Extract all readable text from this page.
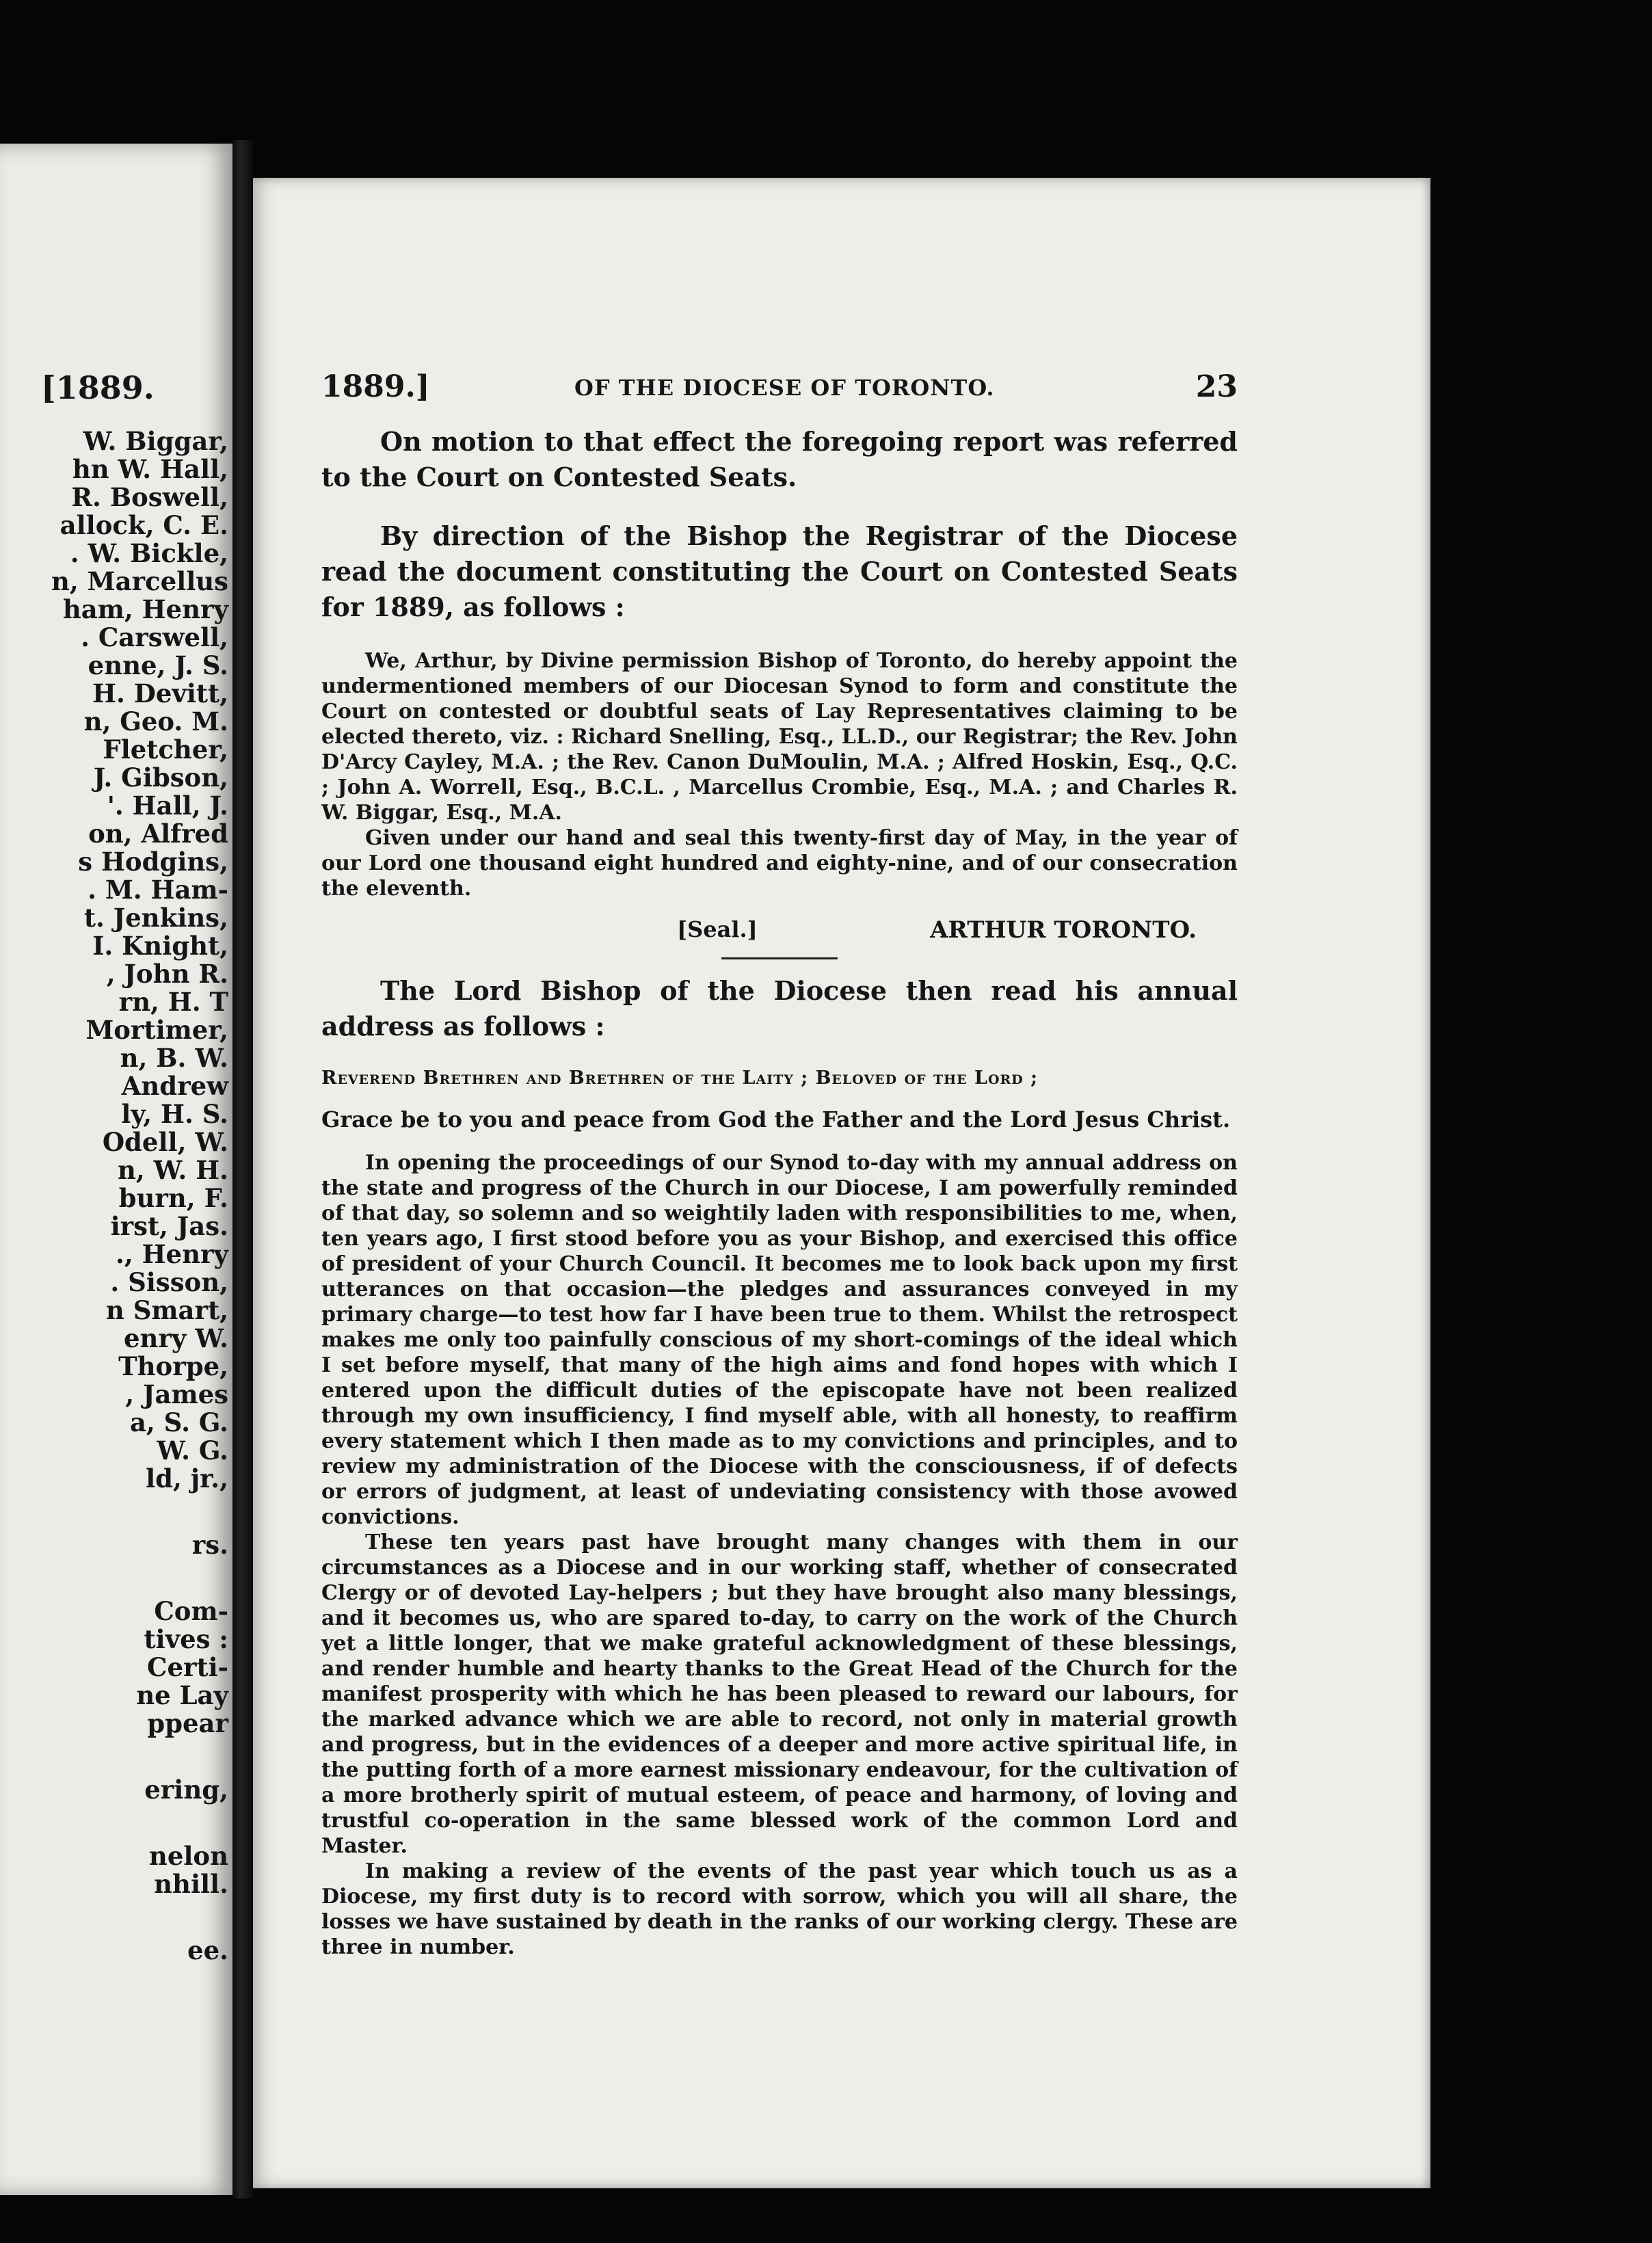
[1889.
W. Biggar,
hn W. Hall,
R. Boswell,
allock, C. E.
. W. Bickle,
n, Marcellus
ham, Henry
. Carswell,
enne, J. S.
H. Devitt,
n, Geo. M.
Fletcher,
J. Gibson,
'. Hall, J.
on, Alfred
s Hodgins,
. M. Ham-
t. Jenkins,
I. Knight,
, John R.
rn, H. T
Mortimer,
n, B. W.
Andrew
ly, H. S.
Odell, W.
n, W. H.
burn, F.
irst, Jas.
., Henry
. Sisson,
n Smart,
enry W.
Thorpe,
, James
a, S. G.
W. G.
ld, jr.,
rs.
Com-
tives :
Certi-
ne Lay
ppear
ering,
nelon
nhill.
ee.
1889.]	OF THE DIOCESE OF TORONTO.	23

On motion to that effect the foregoing report was referred to the Court on Contested Seats.

By direction of the Bishop the Registrar of the Diocese read the document constituting the Court on Contested Seats for 1889, as follows :

We, Arthur, by Divine permission Bishop of Toronto, do hereby appoint the undermentioned members of our Diocesan Synod to form and constitute the Court on contested or doubtful seats of Lay Representatives claiming to be elected thereto, viz. : Richard Snelling, Esq., LL.D., our Registrar; the Rev. John D'Arcy Cayley, M.A. ; the Rev. Canon DuMoulin, M.A. ; Alfred Hoskin, Esq., Q.C. ; John A. Worrell, Esq., B.C.L. , Marcellus Crombie, Esq., M.A. ; and Charles R. W. Biggar, Esq., M.A.

Given under our hand and seal this twenty-first day of May, in the year of our Lord one thousand eight hundred and eighty-nine, and of our consecration the eleventh.

[Seal.]	ARTHUR TORONTO.

The Lord Bishop of the Diocese then read his annual address as follows :

Reverend Brethren and Brethren of the Laity ; Beloved of the Lord ;
Grace be to you and peace from God the Father and the Lord Jesus Christ.

In opening the proceedings of our Synod to-day with my annual address on the state and progress of the Church in our Diocese, I am powerfully reminded of that day, so solemn and so weightily laden with responsibilities to me, when, ten years ago, I first stood before you as your Bishop, and exercised this office of president of your Church Council. It becomes me to look back upon my first utterances on that occasion—the pledges and assurances conveyed in my primary charge—to test how far I have been true to them. Whilst the retrospect makes me only too painfully conscious of my short-comings of the ideal which I set before myself, that many of the high aims and fond hopes with which I entered upon the difficult duties of the episcopate have not been realized through my own insufficiency, I find myself able, with all honesty, to reaffirm every statement which I then made as to my convictions and principles, and to review my administration of the Diocese with the consciousness, if of defects or errors of judgment, at least of undeviating consistency with those avowed convictions.

These ten years past have brought many changes with them in our circumstances as a Diocese and in our working staff, whether of consecrated Clergy or of devoted Lay-helpers ; but they have brought also many blessings, and it becomes us, who are spared to-day, to carry on the work of the Church yet a little longer, that we make grateful acknowledgment of these blessings, and render humble and hearty thanks to the Great Head of the Church for the manifest prosperity with which he has been pleased to reward our labours, for the marked advance which we are able to record, not only in material growth and progress, but in the evidences of a deeper and more active spiritual life, in the putting forth of a more earnest missionary endeavour, for the cultivation of a more brotherly spirit of mutual esteem, of peace and harmony, of loving and trustful co-operation in the same blessed work of the common Lord and Master.

In making a review of the events of the past year which touch us as a Diocese, my first duty is to record with sorrow, which you will all share, the losses we have sustained by death in the ranks of our working clergy. These are three in number.
